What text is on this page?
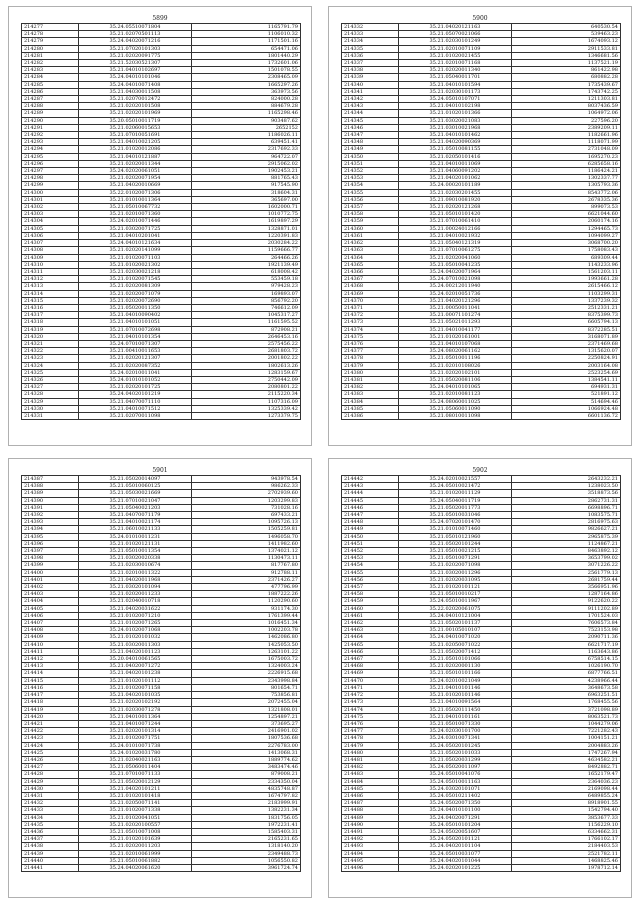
5899
214277	35.24.05510071804	1165791.79
214278	35.21.02070501113	1106010.32
214279	35.24.04020071216	1171501.16
214280	35.21.07020101303	654471.06
214281	35.21.02020091775	1801440.29
214282	35.21.52030521307	1732601.06
214283	35.21.04010102697	1501078.55
214284	35.24.04010101046	2308465.09
214285	35.24.04010071408	1665297.26
214286	35.21.04030011508	363973.56
214287	35.21.02070012472	824000.28
214288	35.21.02020101508	884679.28
214289	35.21.02020101969	1165298.46
214290	35.20.05010011719	903487.62
214291	35.21.02060015653	2652152
214292	35.21.07010051691	1186026.11
214293	35.21.04010021205	639451.41
214294	35.21.01020012086	2317692.33
214295	35.21.04010121887	964722.07
214296	35.21.02020011344	2915062.02
214297	35.24.02020061051	1902453.21
214298	35.21.02020071954	881765.43
214299	35.21.04020010669	917545.90
214300	35.22.01020071306	318604.31
214301	35.21.01010011364	365697.00
214302	35.21.05010067732	1602000.71
214303	35.21.02010071360	1010772.75
214304	35.24.02010071446	1619897.29
214305	35.21.03020071725	1328871.01
214306	35.21.04010201041	1220391.83
214307	35.24.04010121634	2030284.22
214308	35.21.02020141099	1159666.77
214309	35.21.01020071103	264466.26
214310	35.21.01020021302	1921139.49
214311	35.21.02030021218	618008.42
214312	35.21.01020071545	553459.18
214313	35.21.02020081309	979428.23
214314	35.21.02020071079	169893.07
214315	35.21.02020072690	856792.20
214316	35.21.05020011350	746612.09
214317	35.21.04010090402	1045317.27
214318	35.21.04010101051	1161595.52
214319	35.21.07010072698	872908.21
214320	35.21.04010101354	2646453.16
214321	35.24.07010071307	2575456.22
214322	35.21.00410011653	2681803.72
214323	35.21.02020121307	2001802.22
214324	35.21.02020087352	1802613.26
214325	35.24.02010011041	1283159.67
214326	35.24.01010101052	2750442.09
214327	35.21.02020101725	2080801.22
214328	35.24.04020101219	2115220.34
214329	35.21.04070071110	1107316.09
214330	35.21.04010071512	1325339.42
214331	35.21.02070011098	1273379.75
5900
214332	35.21.04020121163	640530.54
214333	35.21.05070021066	539463.23
214334	35.21.02030101249	1674093.12
214335	35.21.02010071109	2911533.81
214336	35.21.01020021455	1346681.56
214337	35.21.02010071168	1137521.19
214338	35.21.02020011340	861422.98
214339	35.21.05040011701	680882.28
214340	35.21.04010101594	1735439.67
214341	35.21.02030101173	1743742.25
214342	35.24.05010107071	1211303.81
214343	35.21.04010102198	8037436.59
214344	35.21.01020101366	1064972.06
214345	35.21.03020021083	227596.20
214346	35.21.03010021968	2389209.11
214347	35.21.04010101462	1182661.96
214348	35.21.04020090369	1118071.99
214349	35.21.05010081155	2731048.09
214350	35.21.02050101416	1695270.23
214351	35.21.04010011069	6285658.16
214352	35.21.04060091202	1186424.21
214353	35.21.04020101062	1302337.77
214354	35.24.00020101189	1305793.36
214355	35.21.02030201455	8543772.06
214356	35.21.09010081920	2678335.36
214357	35.21.02020121268	899073.53
214358	35.21.05010101420	6621044.60
214359	35.21.07010061410	2060174.16
214360	35.21.00024012166	1294465.73
214361	35.21.04010021932	1094099.27
214362	35.21.05040121319	3068700.20
214363	35.21.07010061275	1758083.43
214364	35.21.02020041060	689309.44
214365	35.21.05010041235	1143233.96
214366	35.24.04020071964	1561203.11
214367	35.24.07010021098	1993661.28
214368	35.24.00212011940	2615466.12
214369	35.24.02010051736	1103299.31
214370	35.21.04020121296	1337239.32
214371	35.21.00050011041	2512331.21
214372	35.21.00071101274	8375399.73
214373	35.21.05021011293	6605794.13
214374	35.21.04010041177	8372285.51
214375	35.21.01020161001	3168071.89
214376	35.21.04010107068	2371469.68
214377	35.24.08020061162	1315620.07
214378	35.21.05010011196	2250824.91
214379	35.21.02010108026	2003164.08
214380	35.21.02020102101	2523254.69
214381	35.21.05020081106	1384541.11
214382	35.24.04010101065	694931.31
214383	35.21.02010081123	521891.12
214384	35.24.08060011025	514694.46
214385	35.21.05060011090	1066924.48
214386	35.21.08010011098	6601136.72
5901
214387	35.21.05020014097	943978.54
214388	35.21.05010060125	986262.33
214389	35.21.05030021669	2702939.60
214390	35.21.07010021047	1203299.83
214391	35.21.05040021203	731028.16
214392	35.21.04070071179	697433.21
214393	35.21.04010021174	1095726.13
214394	35.21.06010021133	1505259.81
214395	35.24.01010011231	1496058.70
214396	35.21.01020121131	1411982.60
214397	35.21.05010011354	1374021.12
214398	35.21.03020020338	1130473.11
214399	35.21.02030010674	817767.80
214400	35.21.02010011322	912788.11
214401	35.21.04020011968	2371426.27
214402	35.21.03020101094	477796.99
214403	35.21.02020011233	1887222.26
214404	35.21.02040010718	1120290.60
214405	35.21.04020031622	931174.30
214406	35.21.01020071210	1761399.44
214407	35.21.01020071265	1016451.34
214408	35.24.01020071068	1002203.78
214409	35.21.01020101032	1462086.80
214410	35.21.03020011303	1425053.50
214411	35.21.04020101123	1263101.22
214412	35.20.04010061565	1675003.72
214413	35.21.04020071272	1324003.24
214414	35.21.04020101238	2226915.68
214415	35.21.01020101112	2343998.84
214416	35.21.01020071158	801654.71
214417	35.21.04020101035	753856.81
214418	35.21.02020102192	2072455.04
214419	35.21.02030071278	1321808.01
214420	35.21.04010011364	1254897.21
214421	35.21.04010071244	373695.27
214422	35.21.02020101314	2416901.02
214423	35.21.01020071751	1807536.68
214424	35.24.01010071738	2276783.00
214425	35.24.01020031780	1413068.31
214426	35.21.02040021163	1889774.62
214427	35.21.05060011404	3483474.46
214428	35.21.07010071133	879008.21
214429	35.21.05020012129	2334350.04
214430	35.21.04020101211	4835748.87
214431	35.21.01020101418	1674797.82
214432	35.21.02050071141	2183999.91
214433	35.21.01020071338	1382231.34
214434	35.21.01020041051	1831756.05
214435	35.21.02020100557	1972231.41
214436	35.21.05010071008	1585403.31
214437	35.21.01020101639	2165231.65
214438	35.21.02020011203	1318140.20
214439	35.21.02010061999	2349488.73
214440	35.21.05010061882	1056550.82
214441	35.24.04020061620	3961724.74
5902
214442	35.24.02010021557	2643232.21
214443	35.24.05010021472	1238023.50
214444	35.21.01020011129	3518873.56
214445	35.24.05040011719	2862731.31
214446	35.21.05020011773	6698896.71
214447	35.21.05010031046	1083575.71
214448	35.24.07020101470	2816975.63
214449	35.21.01010071460	9826627.21
214450	35.21.05010121960	2965875.39
214451	35.21.05020101244	1124867.21
214452	35.21.05010021215	8463892.12
214453	35.21.05010071291	3653799.02
214454	35.21.02020071098	3071226.22
214455	35.21.03020011296	2561779.13
214456	35.21.02020031095	2681759.44
214457	35.21.01020101121	3566951.96
214458	35.21.05010010217	1287164.86
214459	35.24.05010011967	9122620.22
214460	35.22.02020061075	9111202.89
214461	35.24.04010121004	1701524.03
214462	35.21.05020101137	7606573.84
214463	35.21.00105010107	7523153.98
214464	35.24.04010071020	2090711.36
214465	35.21.02050071022	6621717.19
214466	35.21.05020071412	1163643.86
214467	35.21.05010101066	6758514.15
214468	35.21.02020001130	1026190.70
214469	35.21.05010101166	6877766.51
214470	35.24.02010021049	4238966.44
214471	35.21.04010101146	3648673.58
214472	35.21.01020101146	6963251.51
214473	35.21.04010091564	1768455.56
214474	35.21.05020111450	3721098.89
214475	35.21.04010101161	8063521.73
214476	35.21.05010071330	1044279.06
214477	35.24.02030101700	7221282.43
214478	35.24.03010071341	1004151.21
214479	35.24.05020101245	2004883.26
214480	35.21.05020101033	1747267.94
214481	35.21.05020031299	4634582.21
214482	35.24.05020011097	8492882.71
214483	35.24.05010041076	1652179.47
214484	35.24.05010011163	2364036.23
214485	35.24.03020101071	2169098.44
214486	35.24.05010211402	6489855.24
214487	35.24.05020071350	8918901.55
214488	35.24.04010101100	1542794.40
214489	35.24.04020071291	3853677.33
214490	35.24.05010101204	1156229.10
214491	35.24.05020051607	6334662.31
214492	35.24.05020101121	1766102.17
214493	35.24.04020101104	2184403.53
214494	35.24.05010031077	2521782.11
214495	35.24.04020101044	1468825.46
214496	35.24.02020101225	1978712.14
